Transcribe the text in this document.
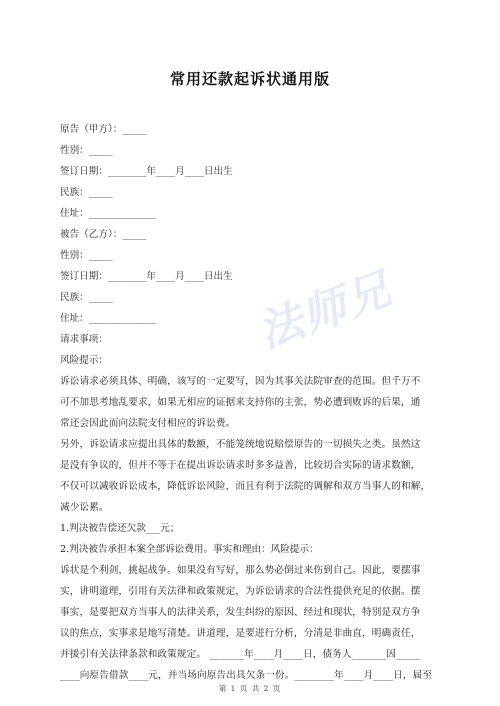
法师兄
常用还款起诉状通用版
原告（甲方）：_____
性别：_____
签订日期：________年____月____日出生
民族：_____
住址：______________
被告（乙方）：_____
性别：_____
签订日期：________年____月____日出生
民族：_____
住址：______________
请求事项：
风险提示：
诉讼请求必须具体、明确，该写的一定要写，因为其事关法院审查的范围。但千万不
可不加思考地乱要求，如果无相应的证据来支持你的主张，势必遭到败诉的后果，通
常还会因此而向法院支付相应的诉讼费。
另外，诉讼请求应提出具体的数额，不能笼统地说赔偿原告的一切损失之类。虽然这
是没有争议的，但并不等于在提出诉讼请求时多多益善，比较切合实际的请求数额，
不仅可以减收诉讼成本，降低诉讼风险，而且有利于法院的调解和双方当事人的和解，
减少讼累。
1.判决被告偿还欠款___元；
2.判决被告承担本案全部诉讼费用。事实和理由：风险提示：
诉状是个利剑，挑起战争。如果没有写好，那么势必倒过来伤到自己。因此，要摆事
实，讲明道理，引用有关法律和政策规定，为诉讼请求的合法性提供充足的依据。摆
事实，是要把双方当事人的法律关系，发生纠纷的原因、经过和现状，特别是双方争
议的焦点，实事求是地写清楚。讲道理，是要进行分析，分清是非曲直，明确责任，
并援引有关法律条款和政策规定。 _______年____月____日，债务人_______因_____
____向原告借款____元，并当场向原告出具欠条一份。________年____月____日，届至
第 1 页 共 2 页
